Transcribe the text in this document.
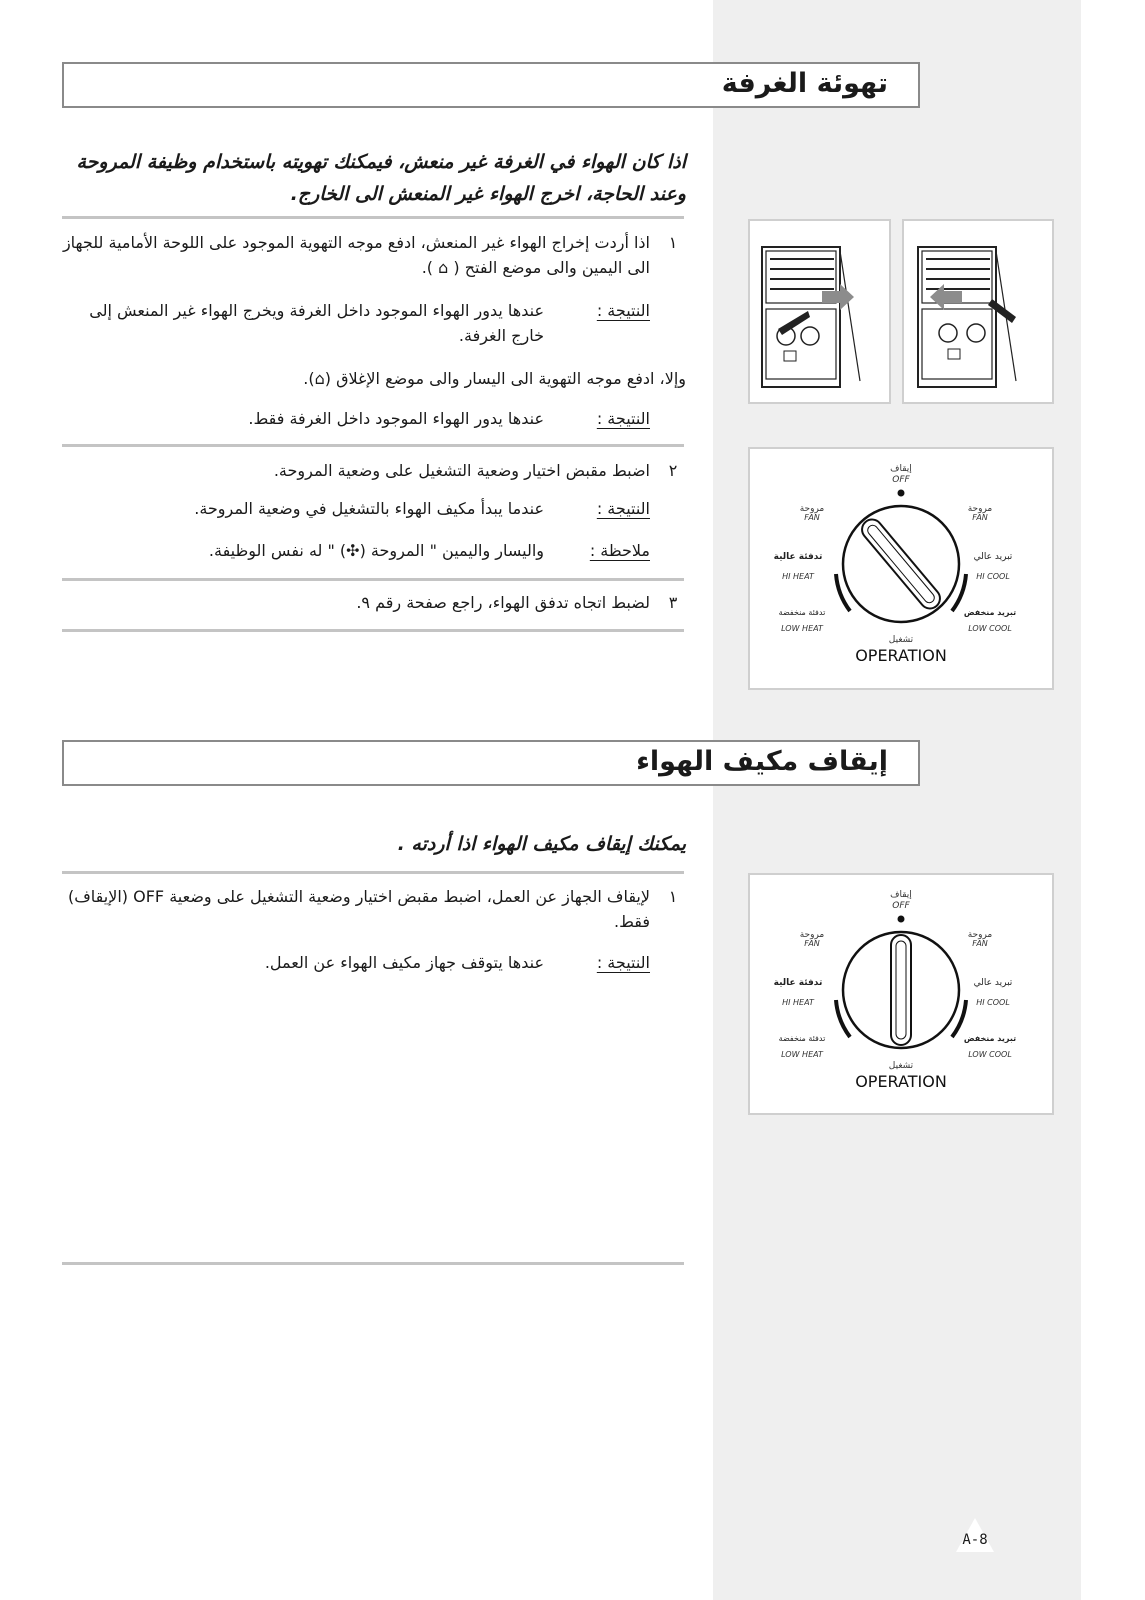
تهوئة الغرفة
اذا كان الهواء في الغرفة غير منعش، فيمكنك تهويته باستخدام وظيفة المروحة وعند الحاجة، اخرج الهواء غير المنعش الى الخارج.
١
اذا أردت إخراج الهواء غير المنعش، ادفع موجه التهوية الموجود على اللوحة الأمامية للجهاز الى اليمين والى موضع الفتح ( ⌂ ).
النتيجة :
عندها يدور الهواء الموجود داخل الغرفة ويخرج الهواء غير المنعش إلى خارج الغرفة.
وإلا، ادفع موجه التهوية الى اليسار والى موضع الإغلاق (⌂).
النتيجة :
عندها يدور الهواء الموجود داخل الغرفة فقط.
٢
اضبط مقبض اختيار وضعية التشغيل على وضعية المروحة.
النتيجة :
عندما يبدأ مكيف الهواء بالتشغيل في وضعية المروحة.
ملاحظة :
واليسار واليمين " المروحة (✣) " له نفس الوظيفة.
٣
لضبط اتجاه تدفق الهواء، راجع صفحة رقم ٩.
إيقاف مكيف الهواء
يمكنك إيقاف مكيف الهواء اذا أردته .
١
لإيقاف الجهاز عن العمل، اضبط مقبض اختيار وضعية التشغيل على وضعية OFF (الإيقاف) فقط.
النتيجة :
عندها يتوقف جهاز مكيف الهواء عن العمل.
إيقاف
OFF
مروحة
FAN
مروحة
FAN
تدفئة عالية
HI HEAT
تبريد عالي
HI COOL
تدفئة منخفضة
LOW HEAT
تبريد منخفض
LOW COOL
تشغيل
OPERATION
إيقاف
OFF
مروحة
FAN
مروحة
FAN
تدفئة عالية
HI HEAT
تبريد عالي
HI COOL
تدفئة منخفضة
LOW HEAT
تبريد منخفض
LOW COOL
تشغيل
OPERATION
A-8
